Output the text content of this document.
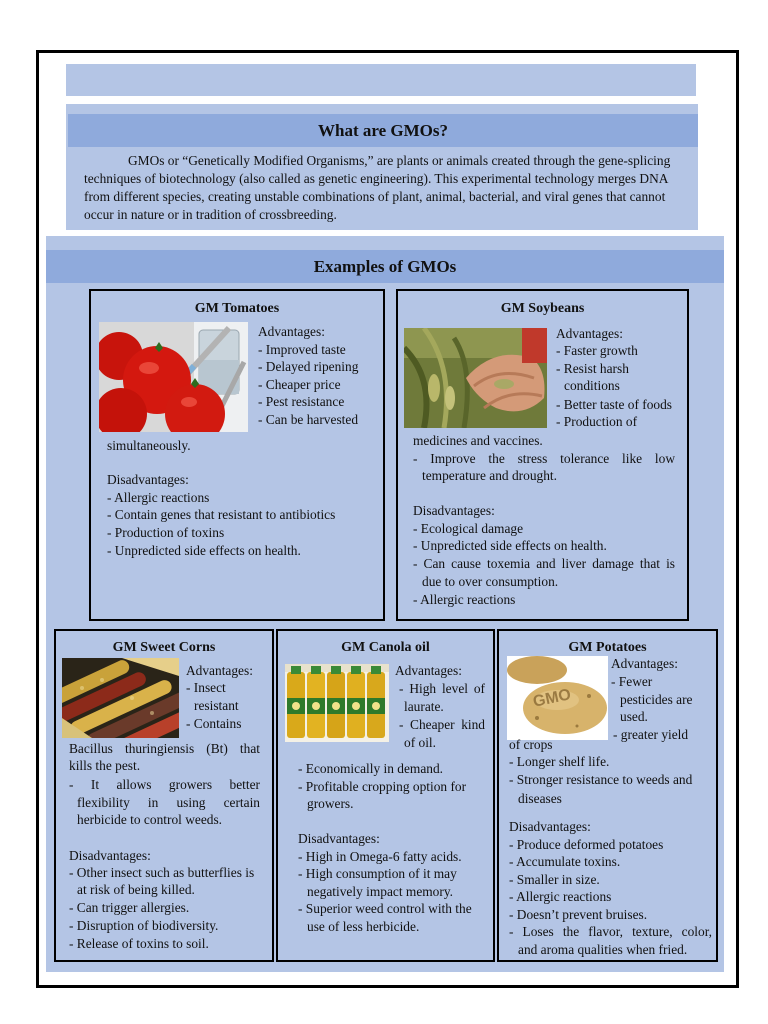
What are GMOs?

GMOs or “Genetically Modified Organisms,” are plants or animals created through the gene-splicing techniques of biotechnology (also called as genetic engineering). This experimental technology merges DNA from different species, creating unstable combinations of plant, animal, bacterial, and viral genes that cannot occur in nature or in tradition of crossbreeding.

Examples of GMOs
GM Tomatoes
Advantages:
- Improved taste
- Delayed ripening
- Cheaper price
- Pest resistance
- Can be harvested
simultaneously.
Disadvantages:
- Allergic reactions
- Contain genes that resistant to antibiotics
- Production of toxins
- Unpredicted side effects on health.
GM Soybeans
Advantages:
- Faster growth
- Resist harsh
conditions
- Better taste of foods
- Production of
medicines and vaccines.
- Improve the stress tolerance like low
temperature and drought.
Disadvantages:
- Ecological damage
- Unpredicted side effects on health.
- Can cause toxemia and liver damage that is
due to over consumption.
- Allergic reactions
GM Sweet Corns
Advantages:
- Insect
resistant
- Contains
Bacillus thuringiensis (Bt) that
kills the pest.
- It allows growers better
flexibility in using certain
herbicide to control weeds.
Disadvantages:
- Other insect such as butterflies is
at risk of being killed.
- Can trigger allergies.
- Disruption of biodiversity.
- Release of toxins to soil.
GM Canola oil
Advantages:
- High level of
laurate.
- Cheaper kind
of oil.
- Economically in demand.
- Profitable cropping option for
growers.
Disadvantages:
- High in Omega-6 fatty acids.
- High consumption of it may
negatively impact memory.
- Superior weed control with the
use of less herbicide.
GM Potatoes
GMO
Advantages:
- Fewer
pesticides are
used.
- greater yield
of crops
- Longer shelf life.
- Stronger resistance to weeds and
diseases
Disadvantages:
- Produce deformed potatoes
- Accumulate toxins.
- Smaller in size.
- Allergic reactions
- Doesn’t prevent bruises.
- Loses the flavor, texture, color,
and aroma qualities when fried.
